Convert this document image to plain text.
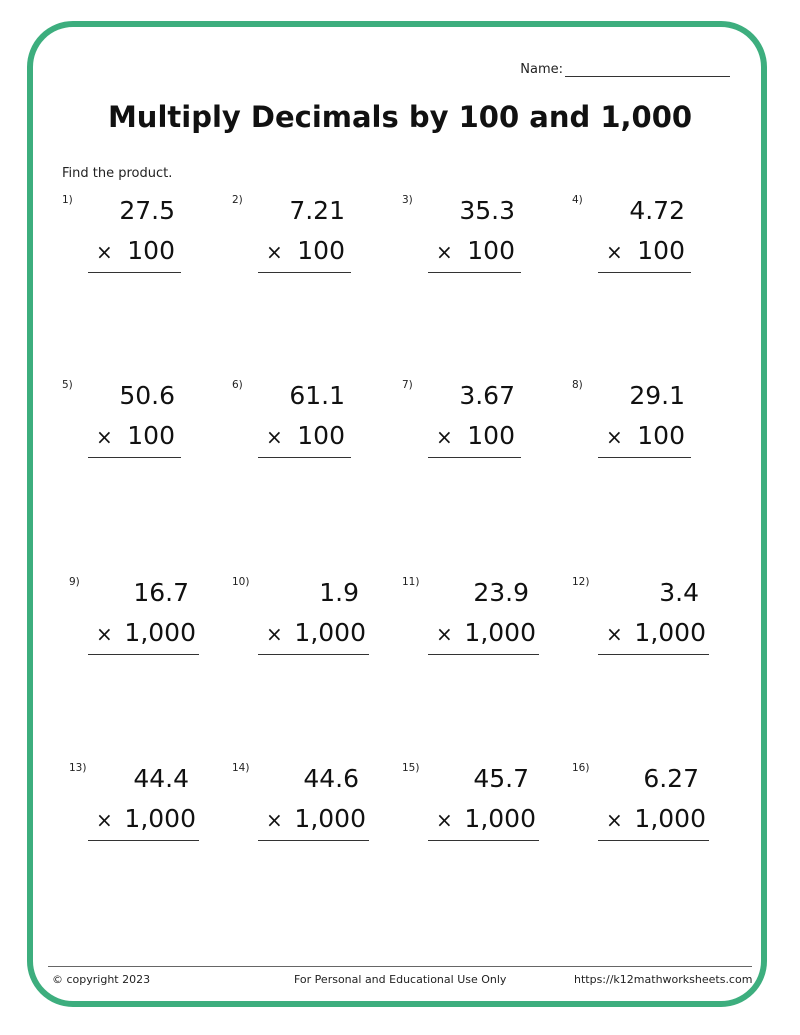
Name:
Multiply Decimals by 100 and 1,000
Find the product.
1)	27.5
× 100
2)	7.21
× 100
3)	35.3
× 100
4)	4.72
× 100
5)	50.6
× 100
6)	61.1
× 100
7)	3.67
× 100
8)	29.1
× 100
9)	16.7
× 1,000
10)	1.9
× 1,000
11)	23.9
× 1,000
12)	3.4
× 1,000
13)	44.4
× 1,000
14)	44.6
× 1,000
15)	45.7
× 1,000
16)	6.27
× 1,000
© copyright 2023	For Personal and Educational Use Only	https://k12mathworksheets.com
